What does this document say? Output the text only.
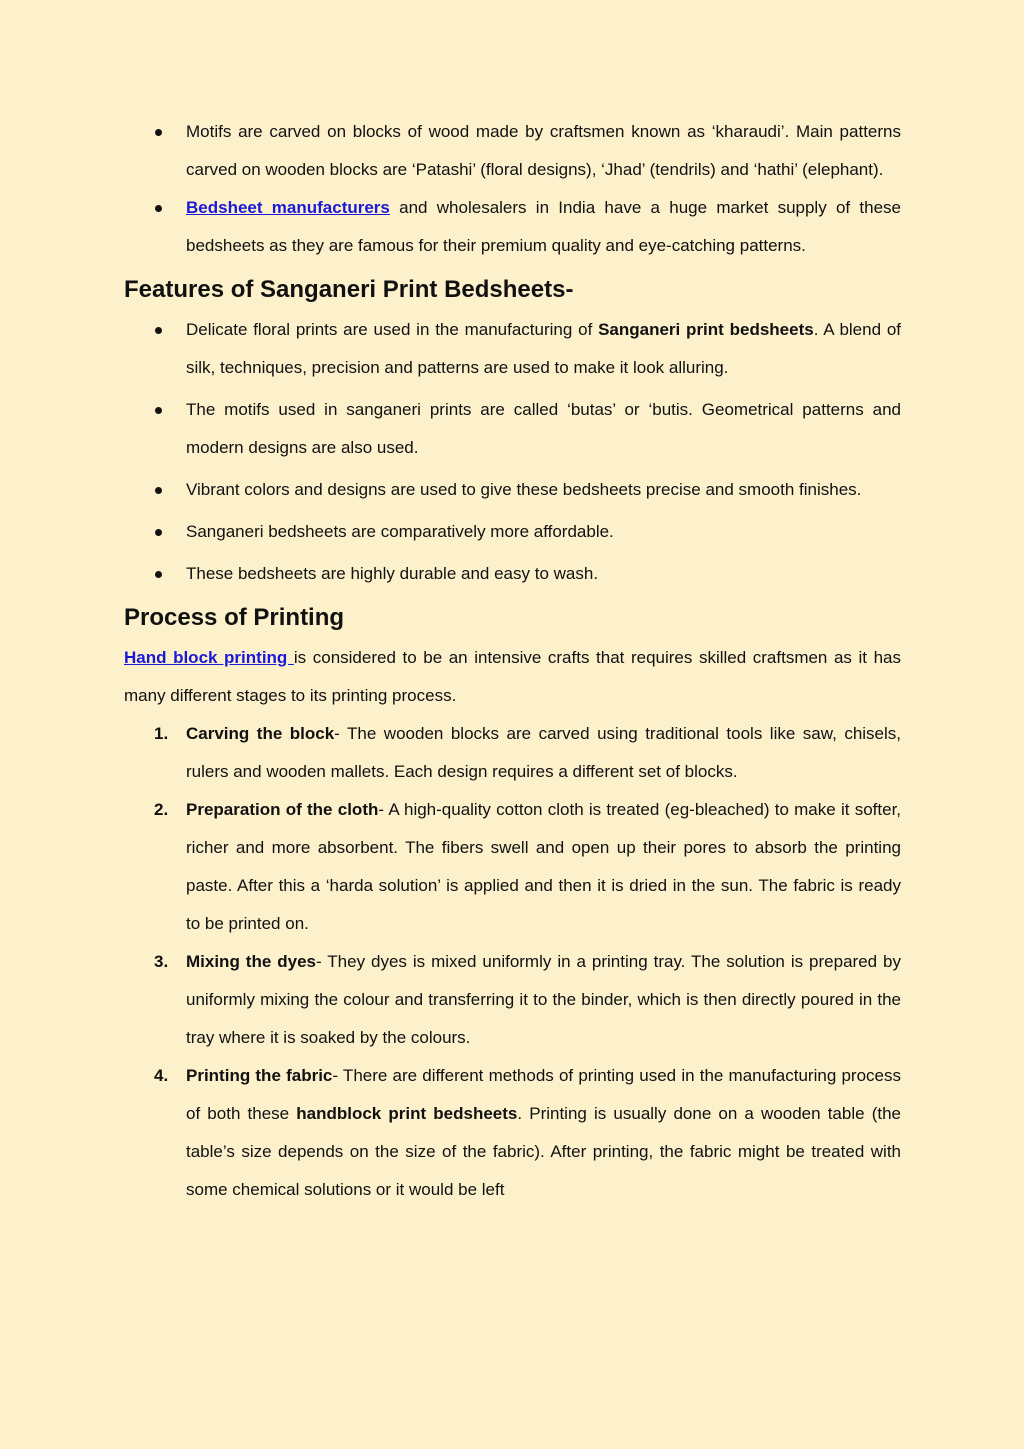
Motifs are carved on blocks of wood made by craftsmen known as ‘kharaudi’. Main patterns carved on wooden blocks are ‘Patashi’ (floral designs), ‘Jhad’ (tendrils) and ‘hathi’ (elephant).
Bedsheet manufacturers and wholesalers in India have a huge market supply of these bedsheets as they are famous for their premium quality and eye-catching patterns.
Features of Sanganeri Print Bedsheets-
Delicate floral prints are used in the manufacturing of Sanganeri print bedsheets. A blend of silk, techniques, precision and patterns are used to make it look alluring.
The motifs used in sanganeri prints are called ‘butas’ or ‘butis. Geometrical patterns and modern designs are also used.
Vibrant colors and designs are used to give these bedsheets precise and smooth finishes.
Sanganeri bedsheets are comparatively more affordable.
These bedsheets are highly durable and easy to wash.
Process of Printing

Hand block printing is considered to be an intensive crafts that requires skilled craftsmen as it has many different stages to its printing process.

1. Carving the block- The wooden blocks are carved using traditional tools like saw, chisels, rulers and wooden mallets. Each design requires a different set of blocks.
2. Preparation of the cloth- A high-quality cotton cloth is treated (eg-bleached) to make it softer, richer and more absorbent. The fibers swell and open up their pores to absorb the printing paste. After this a ‘harda solution’ is applied and then it is dried in the sun. The fabric is ready to be printed on.
3. Mixing the dyes- They dyes is mixed uniformly in a printing tray. The solution is prepared by uniformly mixing the colour and transferring it to the binder, which is then directly poured in the tray where it is soaked by the colours.
4. Printing the fabric- There are different methods of printing used in the manufacturing process of both these handblock print bedsheets. Printing is usually done on a wooden table (the table’s size depends on the size of the fabric). After printing, the fabric might be treated with some chemical solutions or it would be left
